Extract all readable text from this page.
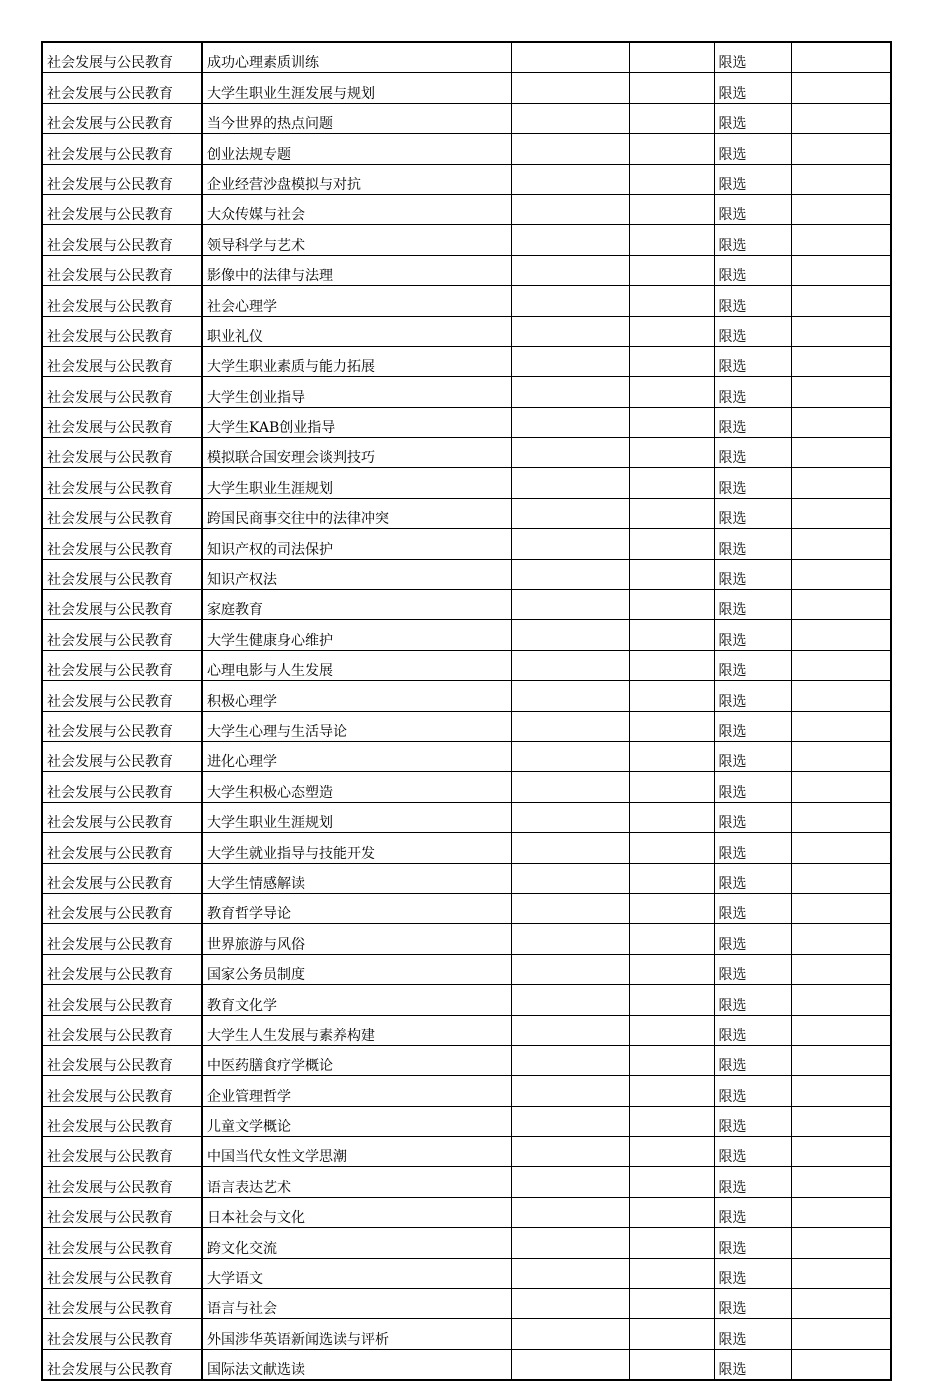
社会发展与公民教育	成功心理素质训练			限选	
社会发展与公民教育	大学生职业生涯发展与规划			限选	
社会发展与公民教育	当今世界的热点问题			限选	
社会发展与公民教育	创业法规专题			限选	
社会发展与公民教育	企业经营沙盘模拟与对抗			限选	
社会发展与公民教育	大众传媒与社会			限选	
社会发展与公民教育	领导科学与艺术			限选	
社会发展与公民教育	影像中的法律与法理			限选	
社会发展与公民教育	社会心理学			限选	
社会发展与公民教育	职业礼仪			限选	
社会发展与公民教育	大学生职业素质与能力拓展			限选	
社会发展与公民教育	大学生创业指导			限选	
社会发展与公民教育	大学生KAB创业指导			限选	
社会发展与公民教育	模拟联合国安理会谈判技巧			限选	
社会发展与公民教育	大学生职业生涯规划			限选	
社会发展与公民教育	跨国民商事交往中的法律冲突			限选	
社会发展与公民教育	知识产权的司法保护			限选	
社会发展与公民教育	知识产权法			限选	
社会发展与公民教育	家庭教育			限选	
社会发展与公民教育	大学生健康身心维护			限选	
社会发展与公民教育	心理电影与人生发展			限选	
社会发展与公民教育	积极心理学			限选	
社会发展与公民教育	大学生心理与生活导论			限选	
社会发展与公民教育	进化心理学			限选	
社会发展与公民教育	大学生积极心态塑造			限选	
社会发展与公民教育	大学生职业生涯规划			限选	
社会发展与公民教育	大学生就业指导与技能开发			限选	
社会发展与公民教育	大学生情感解读			限选	
社会发展与公民教育	教育哲学导论			限选	
社会发展与公民教育	世界旅游与风俗			限选	
社会发展与公民教育	国家公务员制度			限选	
社会发展与公民教育	教育文化学			限选	
社会发展与公民教育	大学生人生发展与素养构建			限选	
社会发展与公民教育	中医药膳食疗学概论			限选	
社会发展与公民教育	企业管理哲学			限选	
社会发展与公民教育	儿童文学概论			限选	
社会发展与公民教育	中国当代女性文学思潮			限选	
社会发展与公民教育	语言表达艺术			限选	
社会发展与公民教育	日本社会与文化			限选	
社会发展与公民教育	跨文化交流			限选	
社会发展与公民教育	大学语文			限选	
社会发展与公民教育	语言与社会			限选	
社会发展与公民教育	外国涉华英语新闻选读与评析			限选	
社会发展与公民教育	国际法文献选读			限选	
